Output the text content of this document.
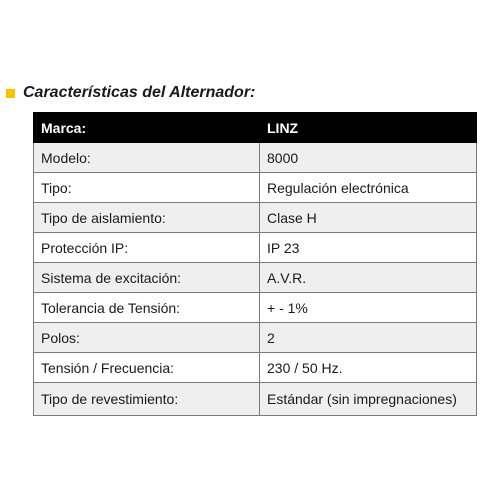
Características del Alternador:
Marca:	LINZ
Modelo:	8000
Tipo:	Regulación electrónica
Tipo de aislamiento:	Clase H
Protección IP:	IP 23
Sistema de excitación:	A.V.R.
Tolerancia de Tensión:	+ - 1%
Polos:	2
Tensión / Frecuencia:	230 / 50 Hz.
Tipo de revestimiento:	Estándar (sin impregnaciones)
